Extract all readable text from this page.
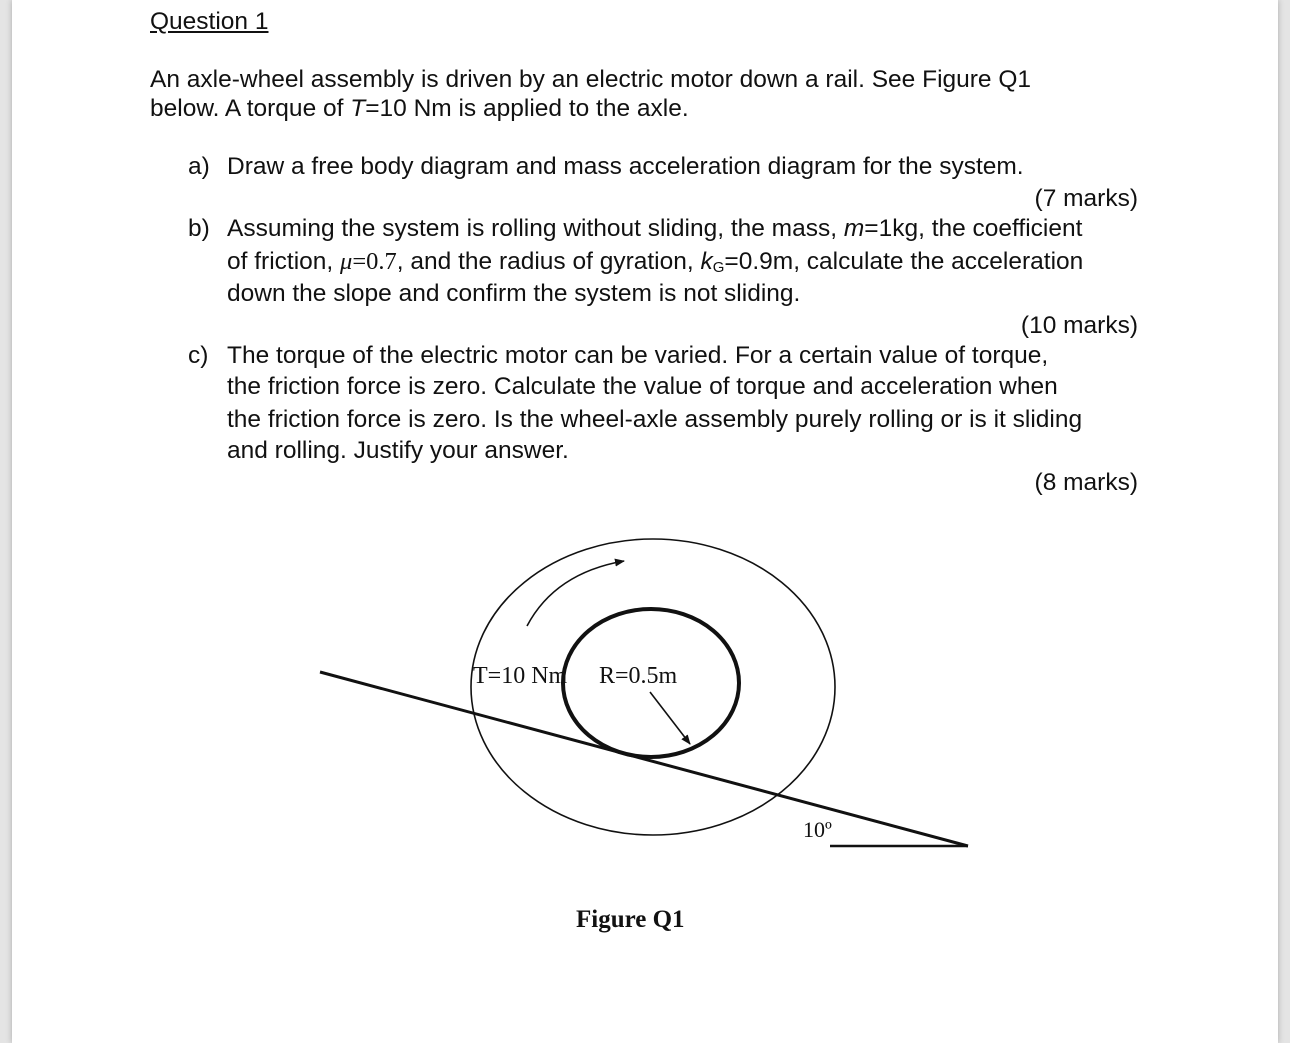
Question 1
An axle-wheel assembly is driven by an electric motor down a rail. See Figure Q1
below. A torque of T=10 Nm is applied to the axle.
a) Draw a free body diagram and mass acceleration diagram for the system.
(7 marks)
b) Assuming the system is rolling without sliding, the mass, m=1kg, the coefficient
of friction, μ=0.7, and the radius of gyration, $k_G=0.9m$, calculate the acceleration
down the slope and confirm the system is not sliding.
(10 marks)
c) The torque of the electric motor can be varied. For a certain value of torque,
the friction force is zero. Calculate the value of torque and acceleration when
the friction force is zero. Is the wheel-axle assembly purely rolling or is it sliding
and rolling. Justify your answer.
(8 marks)
T=10 Nm R=0.5m
10º
Figure Q1
